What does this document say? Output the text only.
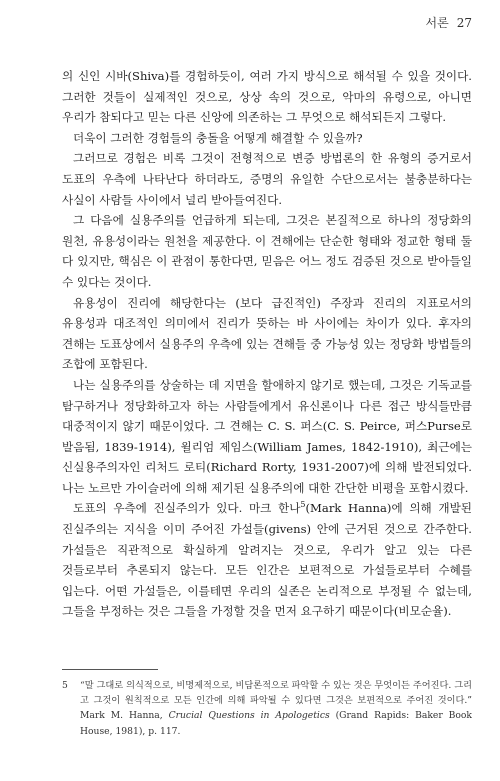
서론 27

의 신인 시바(Shiva)를 경험하듯이, 여러 가지 방식으로 해석될 수 있을 것이다. 그러한 것들이 실제적인 것으로, 상상 속의 것으로, 악마의 유령으로, 아니면 우리가 참되다고 믿는 다른 신앙에 의존하는 그 무엇으로 해석되든지 그렇다.

더욱이 그러한 경험들의 충돌을 어떻게 해결할 수 있을까?

그러므로 경험은 비록 그것이 전형적으로 변증 방법론의 한 유형의 증거로서 도표의 우측에 나타난다 하더라도, 증명의 유일한 수단으로서는 불충분하다는 사실이 사람들 사이에서 널리 받아들여진다.

그 다음에 실용주의를 언급하게 되는데, 그것은 본질적으로 하나의 정당화의 원천, 유용성이라는 원천을 제공한다. 이 견해에는 단순한 형태와 정교한 형태 둘 다 있지만, 핵심은 이 관점이 통한다면, 믿음은 어느 정도 검증된 것으로 받아들일 수 있다는 것이다.

유용성이 진리에 해당한다는 (보다 급진적인) 주장과 진리의 지표로서의 유용성과 대조적인 의미에서 진리가 뜻하는 바 사이에는 차이가 있다. 후자의 견해는 도표상에서 실용주의 우측에 있는 견해들 중 가능성 있는 정당화 방법들의 조합에 포함된다.

나는 실용주의를 상술하는 데 지면을 할애하지 않기로 했는데, 그것은 기독교를 탐구하거나 정당화하고자 하는 사람들에게서 유신론이나 다른 접근 방식들만큼 대중적이지 않기 때문이었다. 그 견해는 C. S. 퍼스(C. S. Peirce, 퍼스Purse로 발음됨, 1839-1914), 윌리엄 제임스(William James, 1842-1910), 최근에는 신실용주의자인 리처드 로티(Richard Rorty, 1931-2007)에 의해 발전되었다. 나는 노르만 가이슬러에 의해 제기된 실용주의에 대한 간단한 비평을 포함시켰다.

도표의 우측에 진실주의가 있다. 마크 한나$^5$(Mark Hanna)에 의해 개발된 진실주의는 지식을 이미 주어진 가설들(givens) 안에 근거된 것으로 간주한다. 가설들은 직관적으로 확실하게 알려지는 것으로, 우리가 알고 있는 다른 것들로부터 추론되지 않는다. 모든 인간은 보편적으로 가설들로부터 수혜를 입는다. 어떤 가설들은, 이를테면 우리의 실존은 논리적으로 부정될 수 없는데, 그들을 부정하는 것은 그들을 가정할 것을 먼저 요구하기 때문이다(비모순율).

5 “말 그대로 의식적으로, 비명제적으로, 비담론적으로 파악할 수 있는 것은 무엇이든 주어진다. 그리고 그것이 원칙적으로 모든 인간에 의해 파악될 수 있다면 그것은 보편적으로 주어진 것이다.” Mark M. Hanna, Crucial Questions in Apologetics (Grand Rapids: Baker Book House, 1981), p. 117.
